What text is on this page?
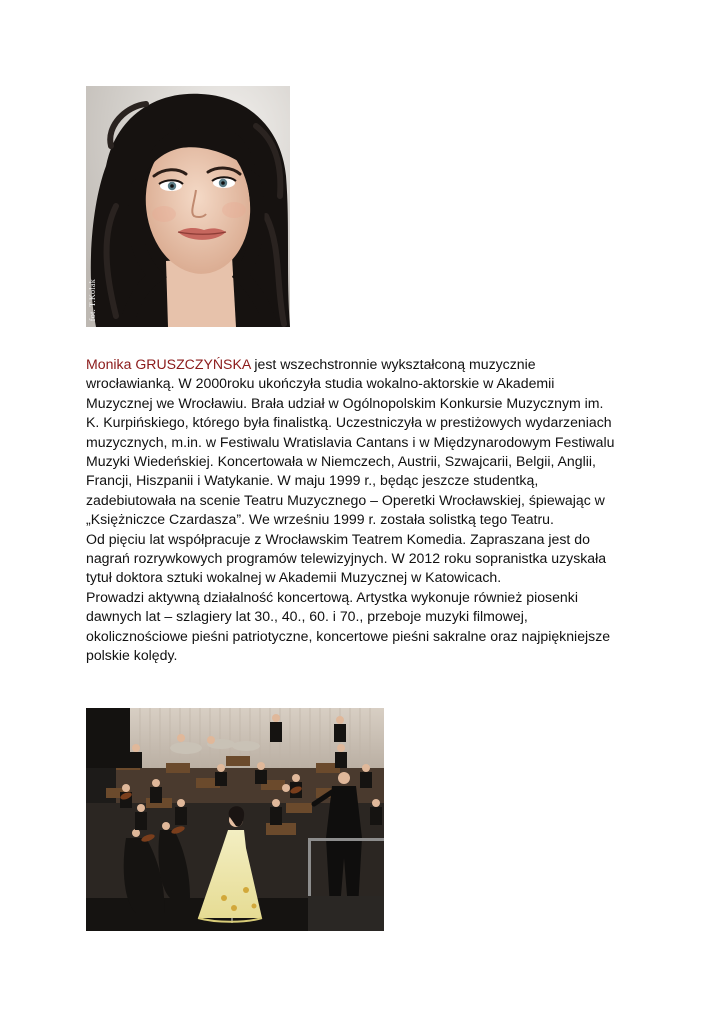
fot. T.Kolak

Monika GRUSZCZYŃSKA jest wszechstronnie wykształconą muzycznie

wrocławianką. W 2000roku ukończyła studia wokalno-aktorskie w Akademii

Muzycznej we Wrocławiu. Brała udział w Ogólnopolskim Konkursie Muzycznym im.

K. Kurpińskiego, którego była finalistką. Uczestniczyła w prestiżowych wydarzeniach

muzycznych, m.in. w Festiwalu Wratislavia Cantans i w Międzynarodowym Festiwalu

Muzyki Wiedeńskiej. Koncertowała w Niemczech, Austrii, Szwajcarii, Belgii, Anglii,

Francji, Hiszpanii i Watykanie. W maju 1999 r., będąc jeszcze studentką,

zadebiutowała na scenie Teatru Muzycznego – Operetki Wrocławskiej, śpiewając w

„Księżniczce Czardasza”. We wrześniu 1999 r. została solistką tego Teatru.

Od pięciu lat współpracuje z Wrocławskim Teatrem Komedia. Zapraszana jest do

nagrań rozrywkowych programów telewizyjnych. W 2012 roku sopranistka uzyskała

tytuł doktora sztuki wokalnej w Akademii Muzycznej w Katowicach.

Prowadzi aktywną działalność koncertową. Artystka wykonuje również piosenki

dawnych lat – szlagiery lat 30., 40., 60. i 70., przeboje muzyki filmowej,

okolicznościowe pieśni patriotyczne, koncertowe pieśni sakralne oraz najpiękniejsze

polskie kolędy.
